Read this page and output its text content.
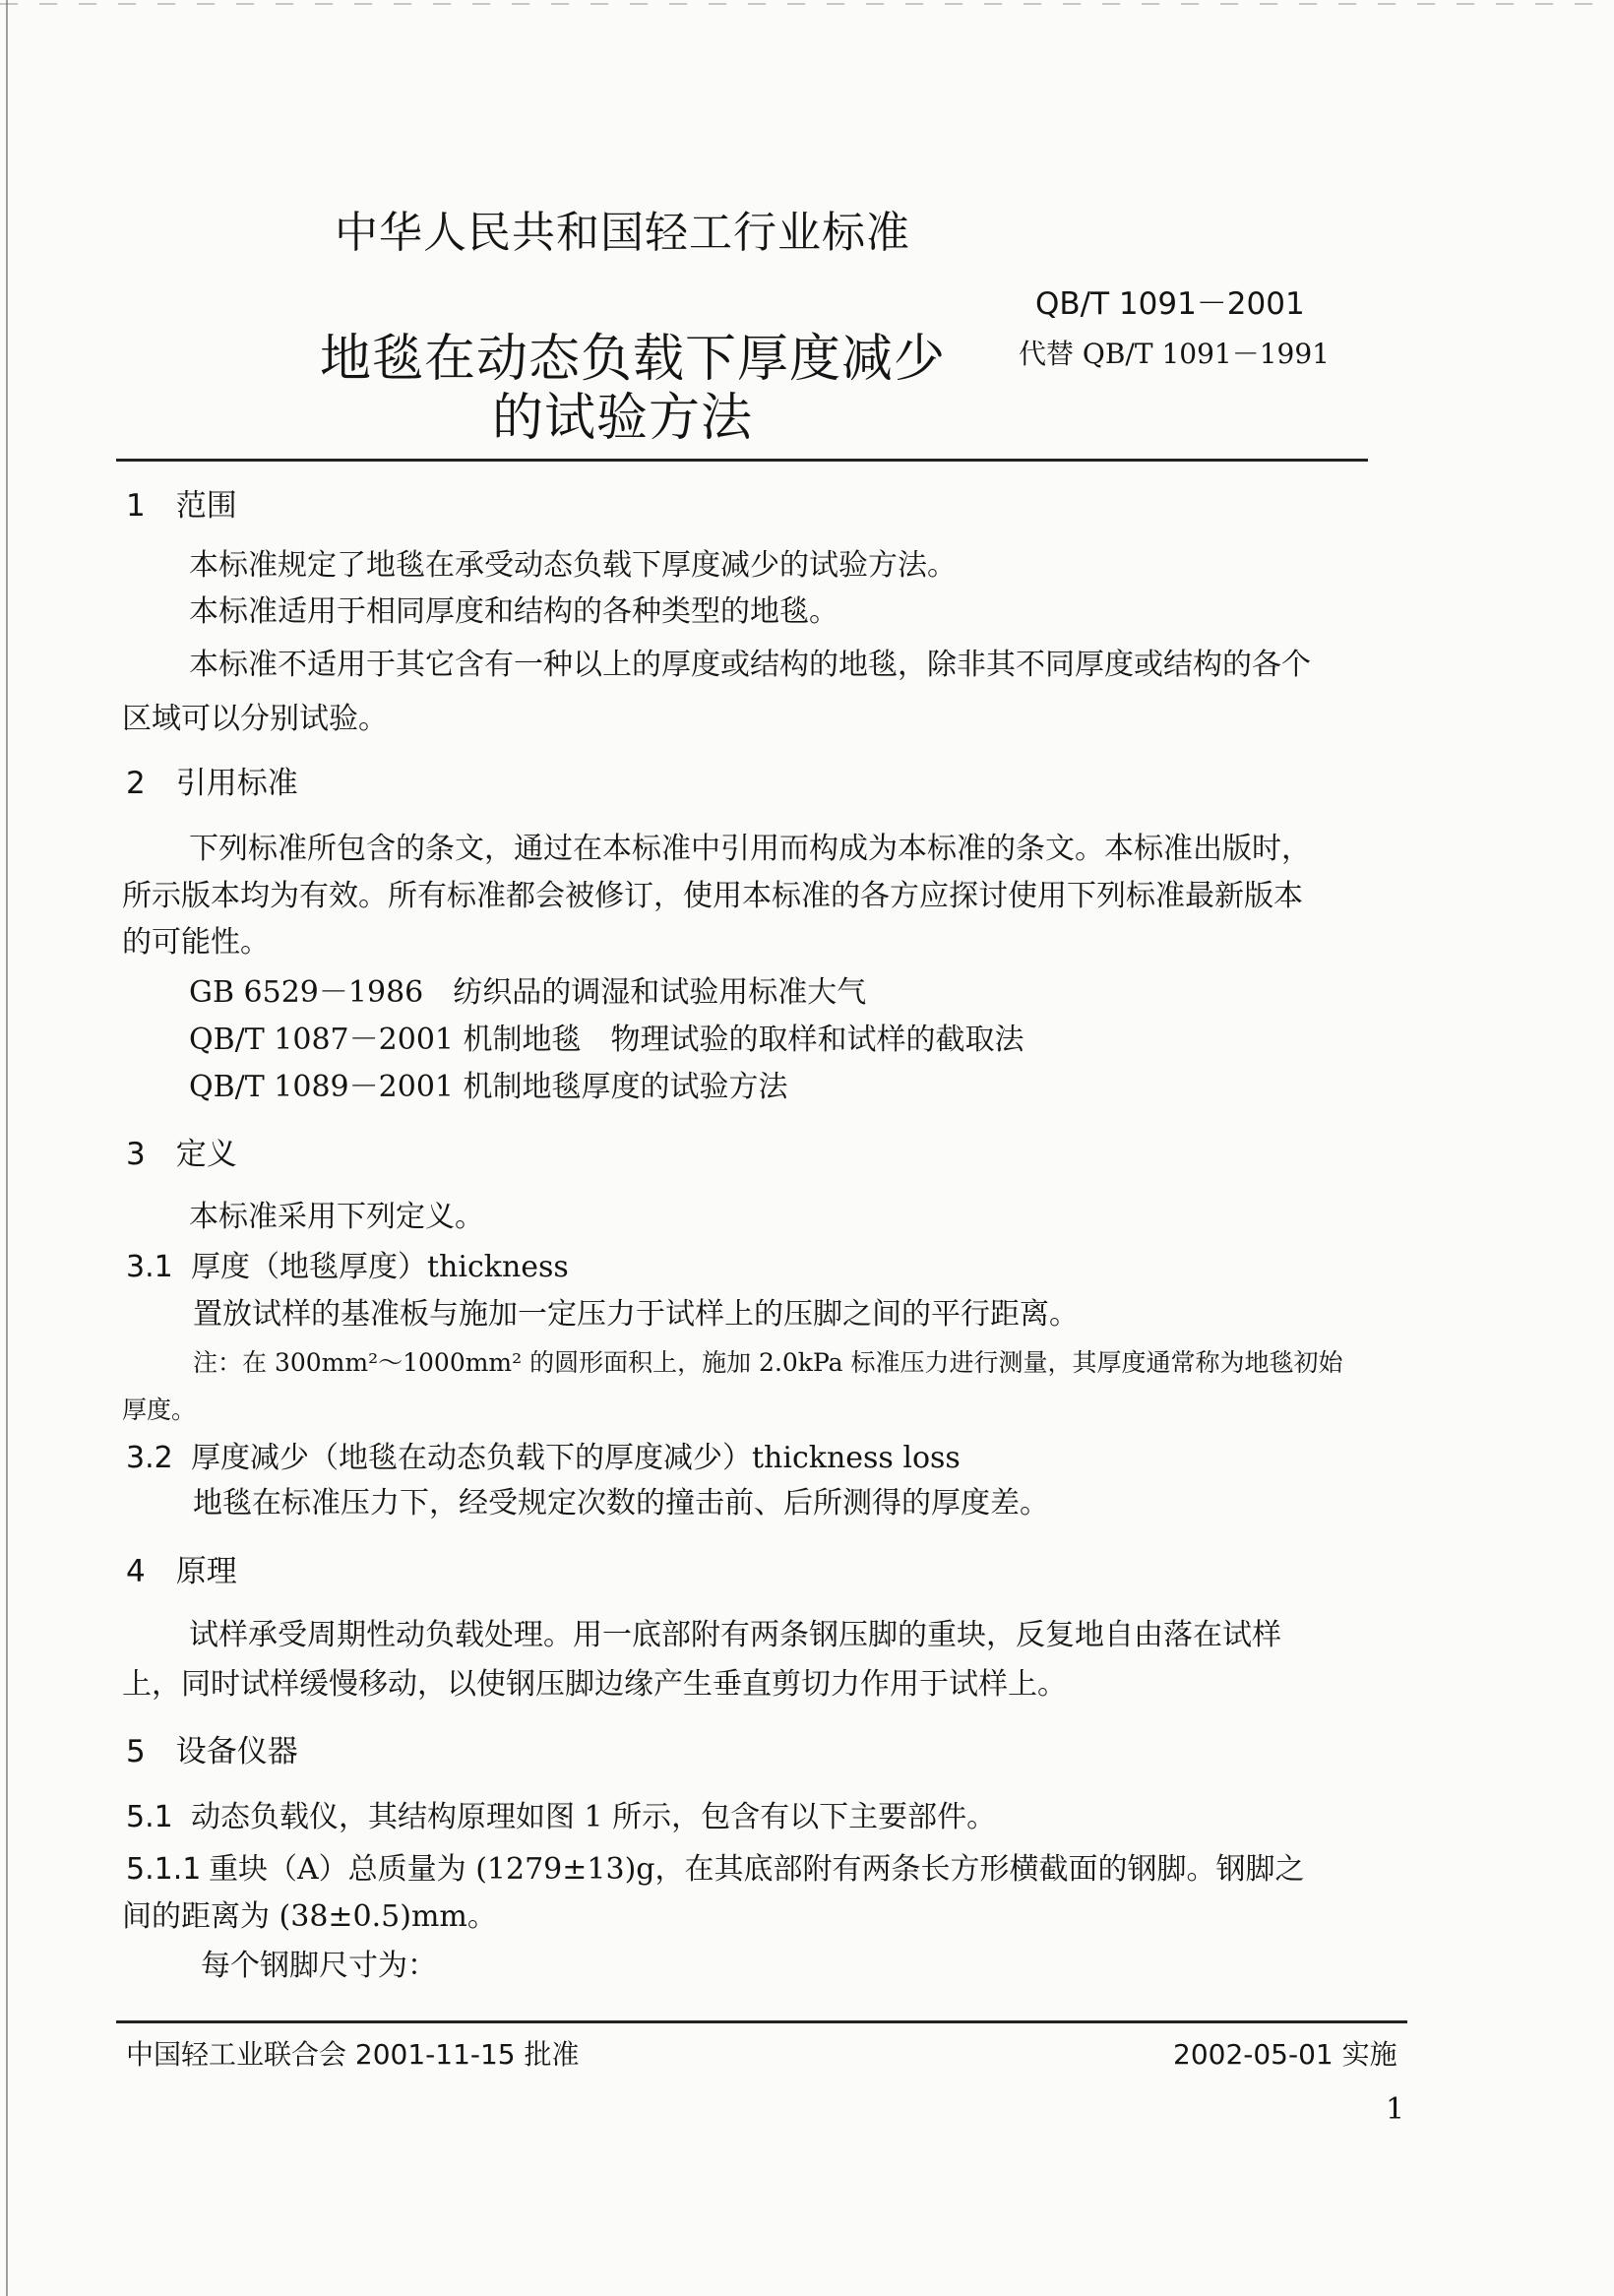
中华人民共和国轻工行业标准
QB/T 1091－2001
地毯在动态负载下厚度减少	代替 QB/T 1091－1991
的试验方法
1　范围
本标准规定了地毯在承受动态负载下厚度减少的试验方法。
本标准适用于相同厚度和结构的各种类型的地毯。
本标准不适用于其它含有一种以上的厚度或结构的地毯，除非其不同厚度或结构的各个
区域可以分别试验。
2　引用标准
下列标准所包含的条文，通过在本标准中引用而构成为本标准的条文。本标准出版时，
所示版本均为有效。所有标准都会被修订，使用本标准的各方应探讨使用下列标准最新版本
的可能性。
GB 6529－1986　纺织品的调湿和试验用标准大气
QB/T 1087－2001 机制地毯　物理试验的取样和试样的截取法
QB/T 1089－2001 机制地毯厚度的试验方法
3　定义
本标准采用下列定义。
3.1 厚度（地毯厚度）thickness
置放试样的基准板与施加一定压力于试样上的压脚之间的平行距离。
注：在 300mm²～1000mm² 的圆形面积上，施加 2.0kPa 标准压力进行测量，其厚度通常称为地毯初始
厚度。
3.2 厚度减少（地毯在动态负载下的厚度减少）thickness loss
地毯在标准压力下，经受规定次数的撞击前、后所测得的厚度差。
4　原理
试样承受周期性动负载处理。用一底部附有两条钢压脚的重块，反复地自由落在试样
上，同时试样缓慢移动，以使钢压脚边缘产生垂直剪切力作用于试样上。
5　设备仪器
5.1 动态负载仪，其结构原理如图 1 所示，包含有以下主要部件。
5.1.1 重块（A）总质量为 (1279±13)g，在其底部附有两条长方形横截面的钢脚。钢脚之
间的距离为 (38±0.5)mm。
每个钢脚尺寸为：
中国轻工业联合会 2001-11-15 批准	2002-05-01 实施
1
